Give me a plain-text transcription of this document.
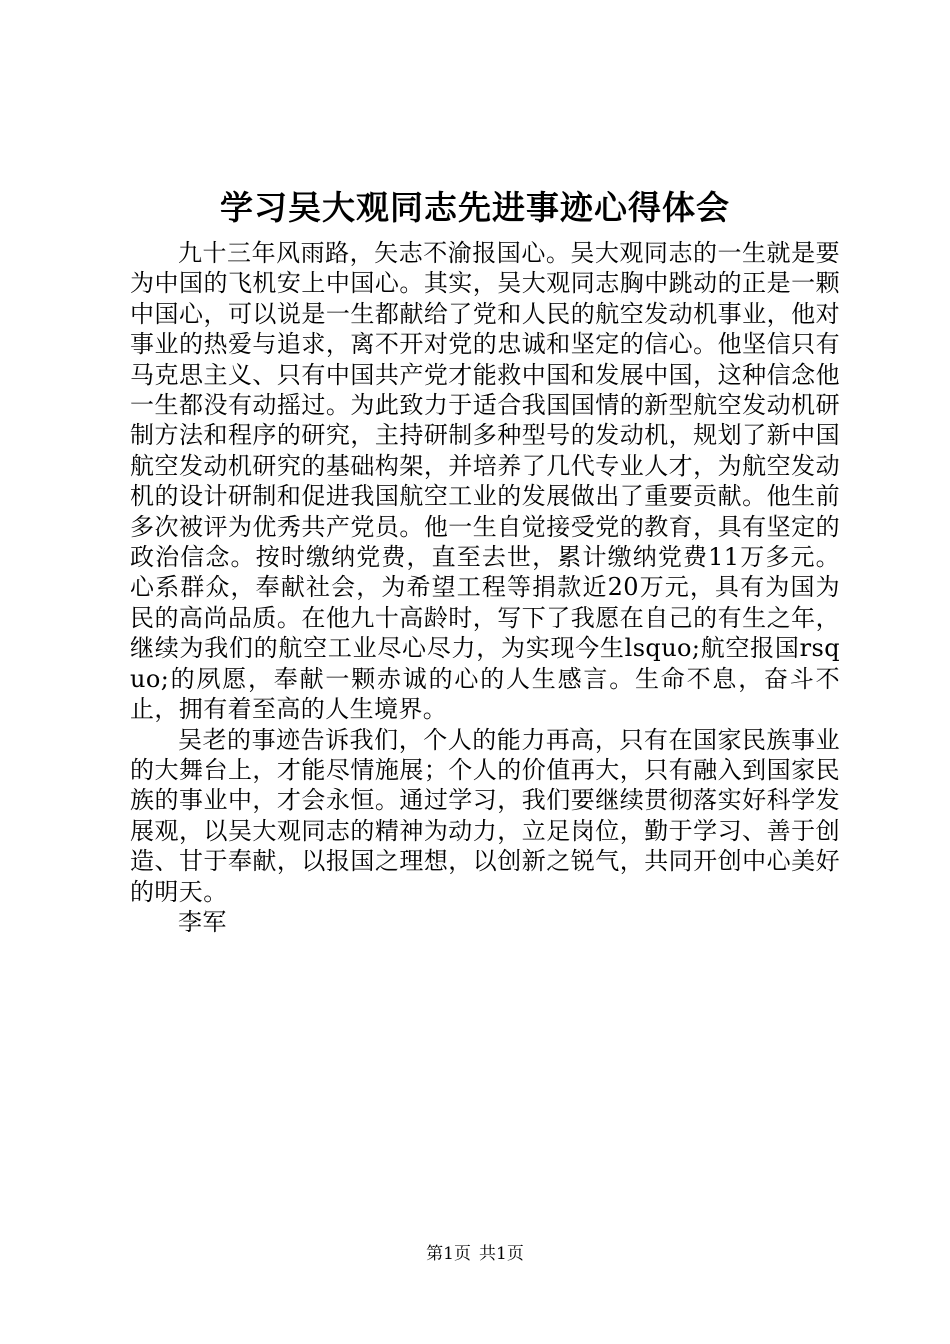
学习吴大观同志先进事迹心得体会

九十三年风雨路，矢志不渝报国心。吴大观同志的一生就是要为中国的飞机安上中国心。其实，吴大观同志胸中跳动的正是一颗中国心，可以说是一生都献给了党和人民的航空发动机事业，他对事业的热爱与追求，离不开对党的忠诚和坚定的信心。他坚信只有马克思主义、只有中国共产党才能救中国和发展中国，这种信念他一生都没有动摇过。为此致力于适合我国国情的新型航空发动机研制方法和程序的研究，主持研制多种型号的发动机，规划了新中国航空发动机研究的基础构架，并培养了几代专业人才，为航空发动机的设计研制和促进我国航空工业的发展做出了重要贡献。他生前多次被评为优秀共产党员。他一生自觉接受党的教育，具有坚定的政治信念。按时缴纳党费，直至去世，累计缴纳党费11万多元。心系群众，奉献社会，为希望工程等捐款近20万元，具有为国为民的高尚品质。在他九十高龄时，写下了我愿在自己的有生之年，继续为我们的航空工业尽心尽力，为实现今生lsquo;航空报国rsquo;的夙愿，奉献一颗赤诚的心的人生感言。生命不息，奋斗不止，拥有着至高的人生境界。

吴老的事迹告诉我们，个人的能力再高，只有在国家民族事业的大舞台上，才能尽情施展；个人的价值再大，只有融入到国家民族的事业中，才会永恒。通过学习，我们要继续贯彻落实好科学发展观，以吴大观同志的精神为动力，立足岗位，勤于学习、善于创造、甘于奉献，以报国之理想，以创新之锐气，共同开创中心美好的明天。

李军

第1页 共1页
